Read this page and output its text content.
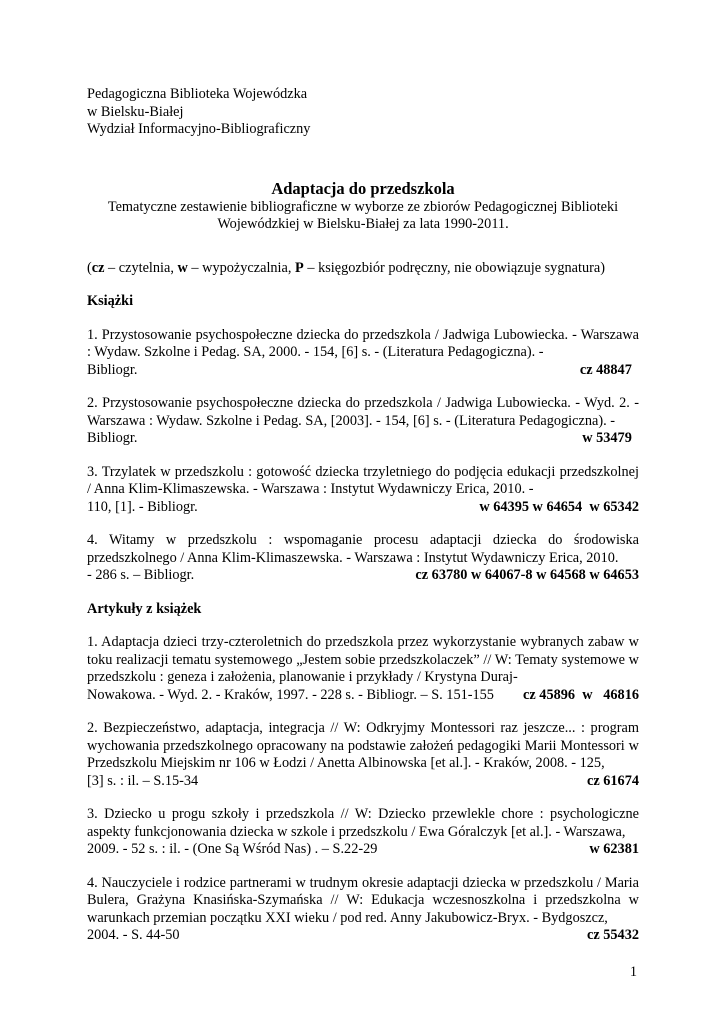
Pedagogiczna Biblioteka Wojewódzka

w Bielsku-Białej

Wydział Informacyjno-Bibliograficzny

Adaptacja do przedszkola

Tematyczne zestawienie bibliograficzne w wyborze ze zbiorów Pedagogicznej Biblioteki

Wojewódzkiej w Bielsku-Białej za lata 1990-2011.

(cz – czytelnia, w – wypożyczalnia, P – księgozbiór podręczny, nie obowiązuje sygnatura)
Książki
1. Przystosowanie psychospołeczne dziecka do przedszkola / Jadwiga Lubowiecka. - Warszawa : Wydaw. Szkolne i Pedag. SA, 2000. - 154, [6] s. - (Literatura Pedagogiczna). -
Bibliogr.	cz 48847
2. Przystosowanie psychospołeczne dziecka do przedszkola / Jadwiga Lubowiecka. - Wyd. 2. - Warszawa : Wydaw. Szkolne i Pedag. SA, [2003]. - 154, [6] s. - (Literatura Pedagogiczna). -
Bibliogr.	w 53479
3. Trzylatek w przedszkolu : gotowość dziecka trzyletniego do podjęcia edukacji przedszkolnej / Anna Klim-Klimaszewska. - Warszawa : Instytut Wydawniczy Erica, 2010. -
110, [1]. - Bibliogr.	w 64395 w 64654  w 65342
4. Witamy w przedszkolu : wspomaganie procesu adaptacji dziecka do środowiska przedszkolnego / Anna Klim-Klimaszewska. - Warszawa : Instytut Wydawniczy Erica, 2010.
- 286 s. – Bibliogr.	cz 63780 w 64067-8 w 64568 w 64653
Artykuły z książek
1. Adaptacja dzieci trzy-czteroletnich do przedszkola przez wykorzystanie wybranych zabaw w toku realizacji tematu systemowego „Jestem sobie przedszkolaczek” // W: Tematy systemowe w przedszkolu : geneza i założenia, planowanie i przykłady / Krystyna Duraj-
Nowakowa. - Wyd. 2. - Kraków, 1997. - 228 s. - Bibliogr. – S. 151-155 cz 45896  w   46816
2. Bezpieczeństwo, adaptacja, integracja // W: Odkryjmy Montessori raz jeszcze... : program wychowania przedszkolnego opracowany na podstawie założeń pedagogiki Marii Montessori w Przedszkolu Miejskim nr 106 w Łodzi / Anetta Albinowska [et al.]. - Kraków, 2008. - 125,
[3] s. : il. – S.15-34	cz 61674
3. Dziecko u progu szkoły i przedszkola // W: Dziecko przewlekle chore : psychologiczne aspekty funkcjonowania dziecka w szkole i przedszkolu / Ewa Góralczyk [et al.]. - Warszawa,
2009. - 52 s. : il. - (One Są Wśród Nas) . – S.22-29	w 62381
4. Nauczyciele i rodzice partnerami w trudnym okresie adaptacji dziecka w przedszkolu / Maria Bulera, Grażyna Knasińska-Szymańska // W: Edukacja wczesnoszkolna i przedszkolna w warunkach przemian początku XXI wieku / pod red. Anny Jakubowicz-Bryx. - Bydgoszcz,
2004. - S. 44-50	cz 55432
1
